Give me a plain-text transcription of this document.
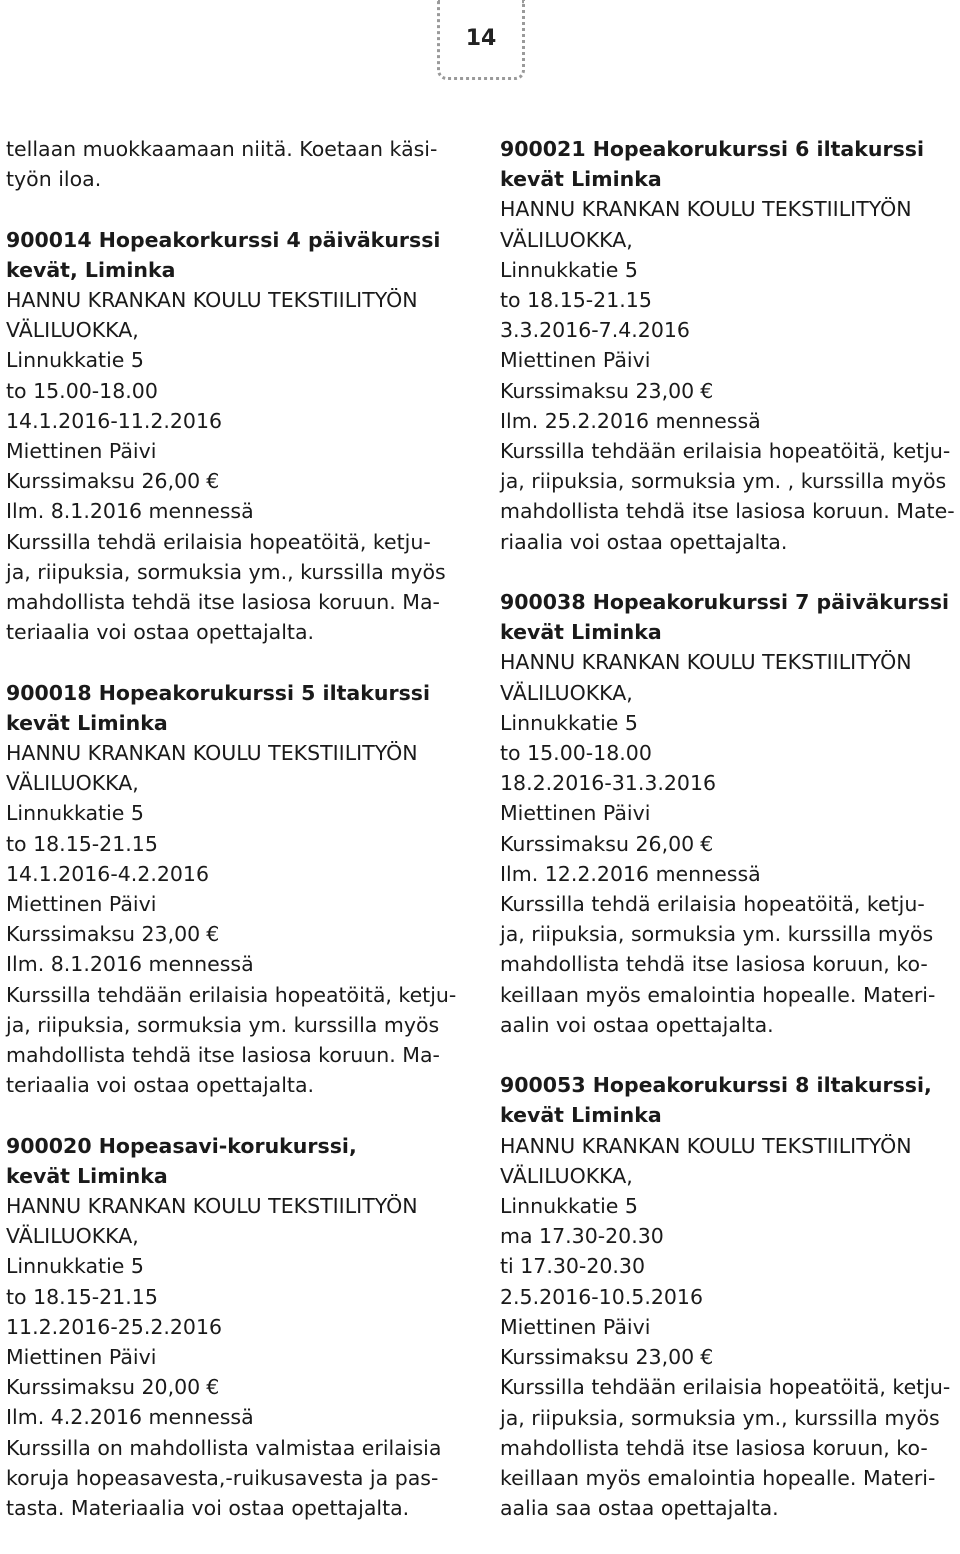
14

tellaan muokkaamaan niitä. Koetaan käsi-

työn iloa.

900014 Hopeakorkurssi 4 päiväkurssi

kevät, Liminka

HANNU KRANKAN KOULU TEKSTIILITYÖN

VÄLILUOKKA,

Linnukkatie 5

to 15.00-18.00

14.1.2016-11.2.2016

Miettinen Päivi

Kurssimaksu 26,00 €

Ilm. 8.1.2016 mennessä

Kurssilla tehdä erilaisia hopeatöitä, ketju-

ja, riipuksia, sormuksia ym., kurssilla myös

mahdollista tehdä itse lasiosa koruun. Ma-

teriaalia voi ostaa opettajalta.

900018 Hopeakorukurssi 5 iltakurssi

kevät Liminka

HANNU KRANKAN KOULU TEKSTIILITYÖN

VÄLILUOKKA,

Linnukkatie 5

to 18.15-21.15

14.1.2016-4.2.2016

Miettinen Päivi

Kurssimaksu 23,00 €

Ilm. 8.1.2016 mennessä

Kurssilla tehdään erilaisia hopeatöitä, ketju-

ja, riipuksia, sormuksia ym. kurssilla myös

mahdollista tehdä itse lasiosa koruun. Ma-

teriaalia voi ostaa opettajalta.

900020 Hopeasavi-korukurssi,

kevät Liminka

HANNU KRANKAN KOULU TEKSTIILITYÖN

VÄLILUOKKA,

Linnukkatie 5

to 18.15-21.15

11.2.2016-25.2.2016

Miettinen Päivi

Kurssimaksu 20,00 €

Ilm. 4.2.2016 mennessä

Kurssilla on mahdollista valmistaa erilaisia

koruja hopeasavesta,-ruikusavesta ja pas-

tasta. Materiaalia voi ostaa opettajalta.

900021 Hopeakorukurssi 6 iltakurssi

kevät Liminka

HANNU KRANKAN KOULU TEKSTIILITYÖN

VÄLILUOKKA,

Linnukkatie 5

to 18.15-21.15

3.3.2016-7.4.2016

Miettinen Päivi

Kurssimaksu 23,00 €

Ilm. 25.2.2016 mennessä

Kurssilla tehdään erilaisia hopeatöitä, ketju-

ja, riipuksia, sormuksia ym. , kurssilla myös

mahdollista tehdä itse lasiosa koruun. Mate-

riaalia voi ostaa opettajalta.

900038 Hopeakorukurssi 7 päiväkurssi

kevät Liminka

HANNU KRANKAN KOULU TEKSTIILITYÖN

VÄLILUOKKA,

Linnukkatie 5

to 15.00-18.00

18.2.2016-31.3.2016

Miettinen Päivi

Kurssimaksu 26,00 €

Ilm. 12.2.2016 mennessä

Kurssilla tehdä erilaisia hopeatöitä, ketju-

ja, riipuksia, sormuksia ym. kurssilla myös

mahdollista tehdä itse lasiosa koruun, ko-

keillaan myös emalointia hopealle. Materi-

aalin voi ostaa opettajalta.

900053 Hopeakorukurssi 8 iltakurssi,

kevät Liminka

HANNU KRANKAN KOULU TEKSTIILITYÖN

VÄLILUOKKA,

Linnukkatie 5

ma 17.30-20.30

ti 17.30-20.30

2.5.2016-10.5.2016

Miettinen Päivi

Kurssimaksu 23,00 €

Kurssilla tehdään erilaisia hopeatöitä, ketju-

ja, riipuksia, sormuksia ym., kurssilla myös

mahdollista tehdä itse lasiosa koruun, ko-

keillaan myös emalointia hopealle. Materi-

aalia saa ostaa opettajalta.
